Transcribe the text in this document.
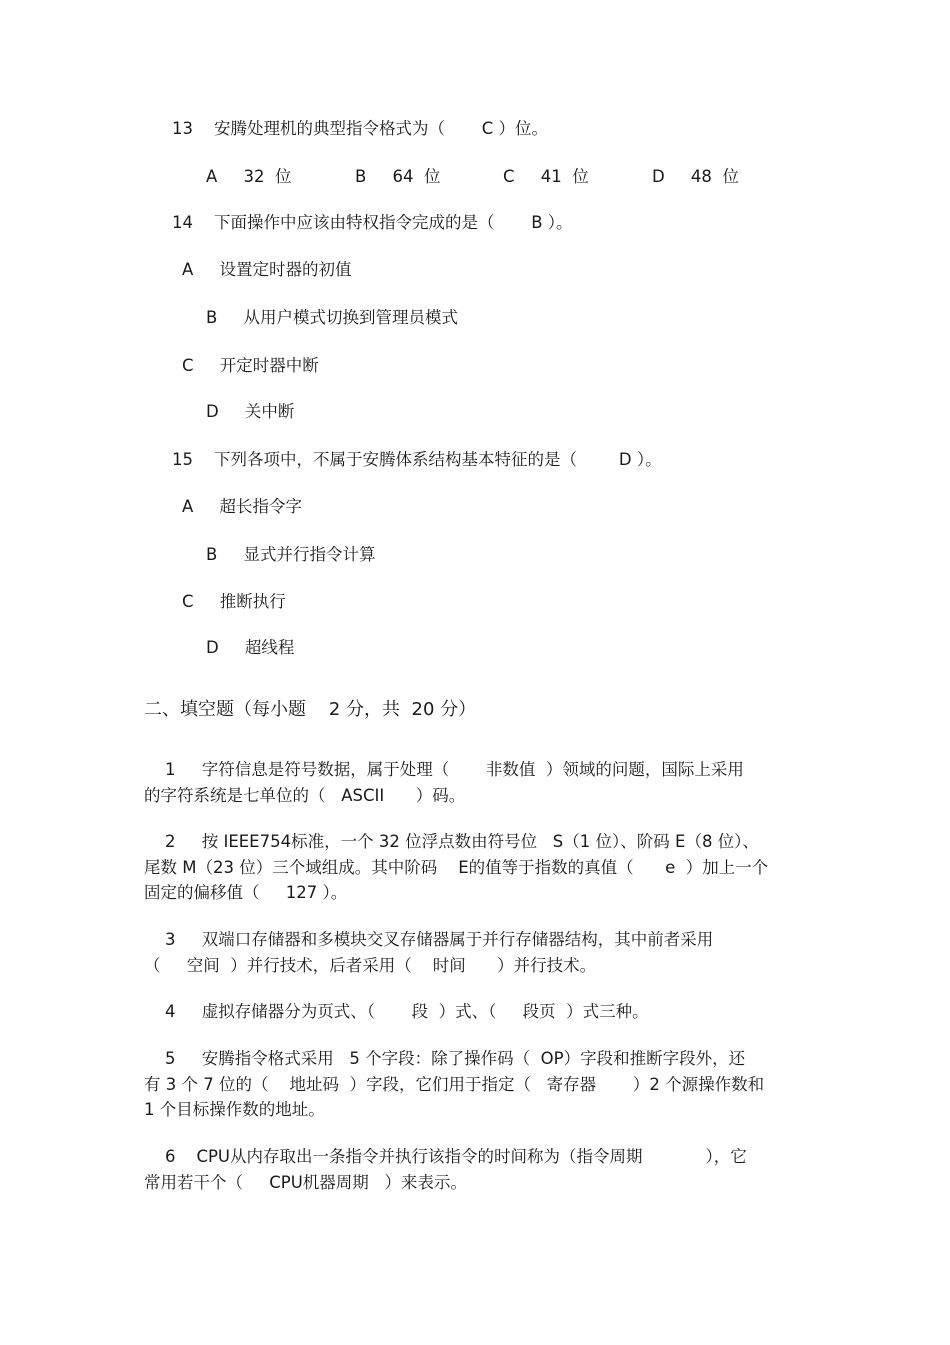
13    安腾处理机的典型指令格式为（       C ）位。
A     32  位	B     64  位	C     41  位	D     48  位
14    下面操作中应该由特权指令完成的是（       B ）。
A     设置定时器的初值
B     从用户模式切换到管理员模式
C     开定时器中断
D     关中断
15    下列各项中，不属于安腾体系结构基本特征的是（        D ）。
A     超长指令字
B     显式并行指令计算
C     推断执行
D     超线程
二、填空题（每小题    2 分，共  20 分）
1     字符信息是符号数据，属于处理（       非数值  ）领域的问题，国际上采用
的字符系统是七单位的（   ASCII      ）码。
2     按 IEEE754标准，一个 32 位浮点数由符号位   S（1 位）、阶码 E（8 位）、
尾数 M（23 位）三个域组成。其中阶码    E的值等于指数的真值（      e  ）加上一个
固定的偏移值（     127 ）。
3     双端口存储器和多模块交叉存储器属于并行存储器结构，其中前者采用
（     空间  ）并行技术，后者采用（    时间      ）并行技术。
4     虚拟存储器分为页式、（       段  ）式、（     段页  ）式三种。
5     安腾指令格式采用   5 个字段：除了操作码（  OP）字段和推断字段外，还
有 3 个 7 位的（    地址码  ）字段，它们用于指定（   寄存器       ）2 个源操作数和
1 个目标操作数的地址。
6    CPU从内存取出一条指令并执行该指令的时间称为（指令周期            ），它
常用若干个（     CPU机器周期   ）来表示。
